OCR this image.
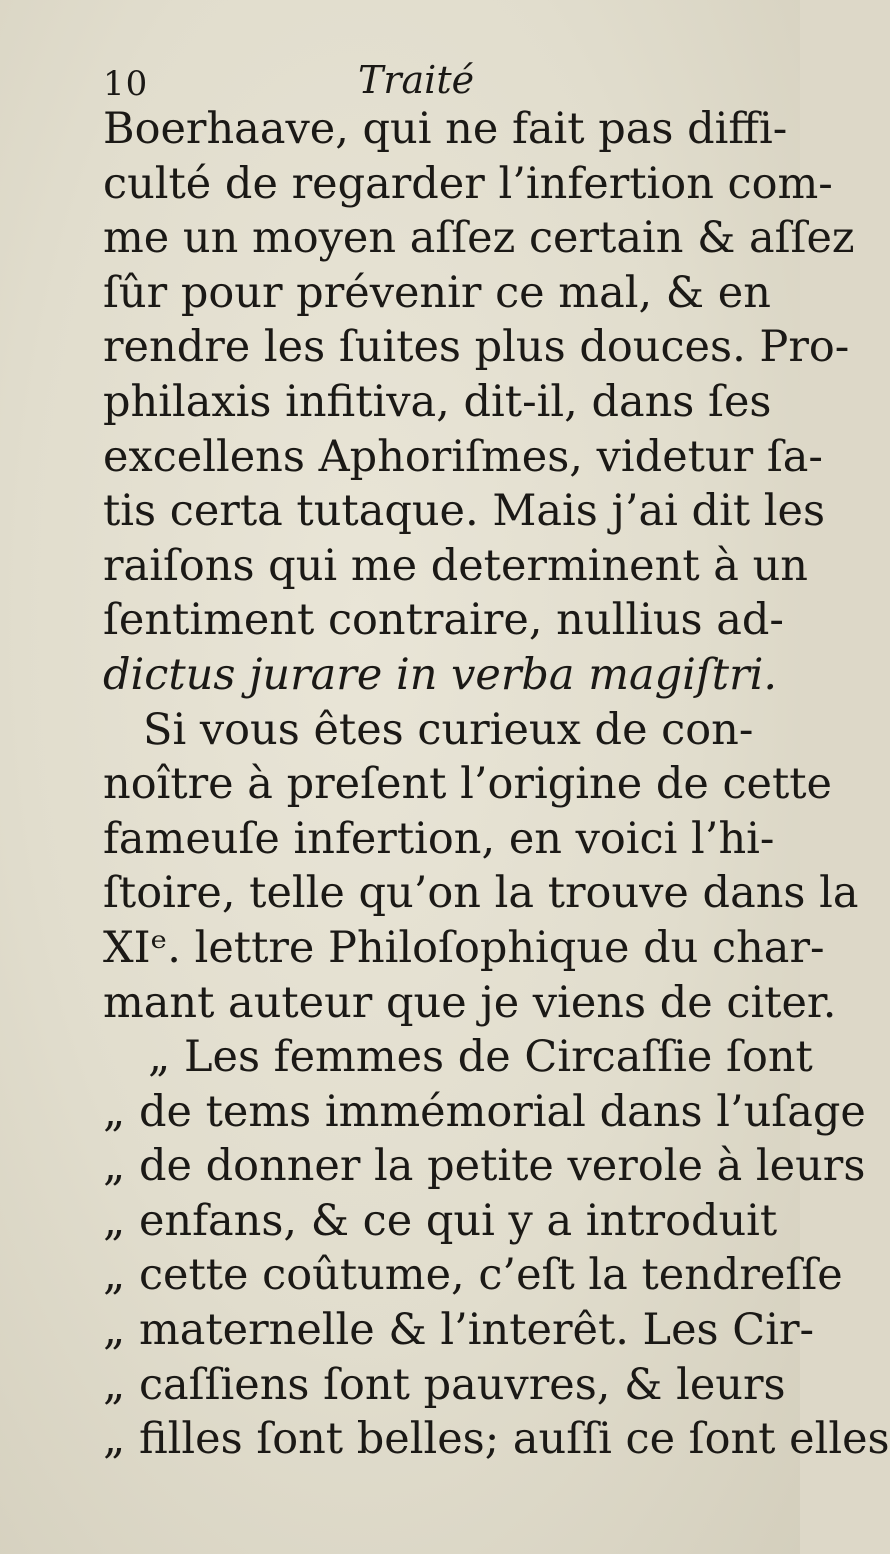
10	Traité
Boerhaave, qui ne fait pas diffi-
culté de regarder l’infertion com-
me un moyen aſſez certain & aſſez
ſûr pour prévenir ce mal, & en
rendre les ſuites plus douces. Pro-
philaxis infitiva, dit-il, dans ſes
excellens Aphoriſmes, videtur ſa-
tis certa tutaque. Mais j’ai dit les
raiſons qui me determinent à un
ſentiment contraire, nullius ad-
dictus jurare in verba magiſtri.
Si vous êtes curieux de con-
noître à preſent l’origine de cette
fameuſe infertion, en voici l’hi-
ſtoire, telle qu’on la trouve dans la
XIᵉ. lettre Philoſophique du char-
mant auteur que je viens de citer.
„ Les femmes de Circaſſie ſont
„ de tems immémorial dans l’uſage
„ de donner la petite verole à leurs
„ enfans, & ce qui y a introduit
„ cette coûtume, c’eſt la tendreſſe
„ maternelle & l’interêt. Les Cir-
„ caſſiens ſont pauvres, & leurs
„ filles ſont belles; auſſi ce ſont elles
